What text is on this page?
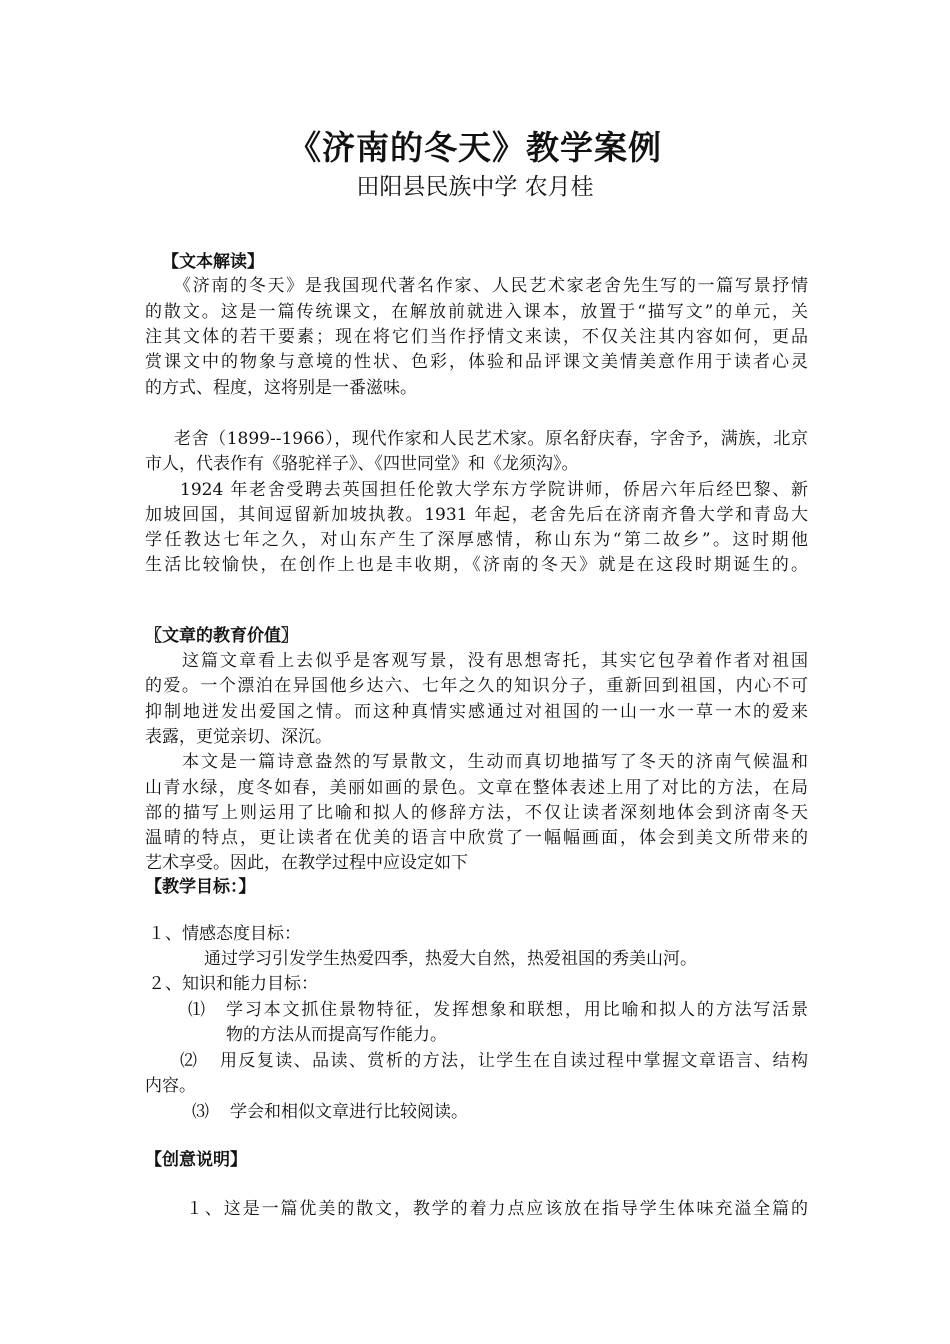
《济南的冬天》教学案例
田阳县民族中学 农月桂
【文本解读】
《济南的冬天》是我国现代著名作家、人民艺术家老舍先生写的一篇写景抒情
的散文。这是一篇传统课文，在解放前就进入课本，放置于“描写文”的单元，关
注其文体的若干要素；现在将它们当作抒情文来读，不仅关注其内容如何，更品
赏课文中的物象与意境的性状、色彩，体验和品评课文美情美意作用于读者心灵
的方式、程度，这将别是一番滋味。
老舍（1899--1966），现代作家和人民艺术家。原名舒庆春，字舍予，满族，北京
市人，代表作有《骆驼祥子》、《四世同堂》和《龙须沟》。
1924 年老舍受聘去英国担任伦敦大学东方学院讲师，侨居六年后经巴黎、新
加坡回国，其间逗留新加坡执教。1931 年起，老舍先后在济南齐鲁大学和青岛大
学任教达七年之久，对山东产生了深厚感情，称山东为“第二故乡”。这时期他
生活比较愉快，在创作上也是丰收期，《济南的冬天》就是在这段时期诞生的。
〖文章的教育价值〗
这篇文章看上去似乎是客观写景，没有思想寄托，其实它包孕着作者对祖国
的爱。一个漂泊在异国他乡达六、七年之久的知识分子，重新回到祖国，内心不可
抑制地迸发出爱国之情。而这种真情实感通过对祖国的一山一水一草一木的爱来
表露，更觉亲切、深沉。
本文是一篇诗意盎然的写景散文，生动而真切地描写了冬天的济南气候温和
山青水绿，度冬如春，美丽如画的景色。文章在整体表述上用了对比的方法，在局
部的描写上则运用了比喻和拟人的修辞方法，不仅让读者深刻地体会到济南冬天
温晴的特点，更让读者在优美的语言中欣赏了一幅幅画面，体会到美文所带来的
艺术享受。因此，在教学过程中应设定如下
【教学目标：】
１、情感态度目标：
通过学习引发学生热爱四季，热爱大自然，热爱祖国的秀美山河。
２、知识和能力目标：
⑴ 学习本文抓住景物特征，发挥想象和联想，用比喻和拟人的方法写活景
物的方法从而提高写作能力。
⑵ 用反复读、品读、赏析的方法，让学生在自读过程中掌握文章语言、结构
内容。
⑶ 学会和相似文章进行比较阅读。
【创意说明】
１、这是一篇优美的散文，教学的着力点应该放在指导学生体味充溢全篇的
